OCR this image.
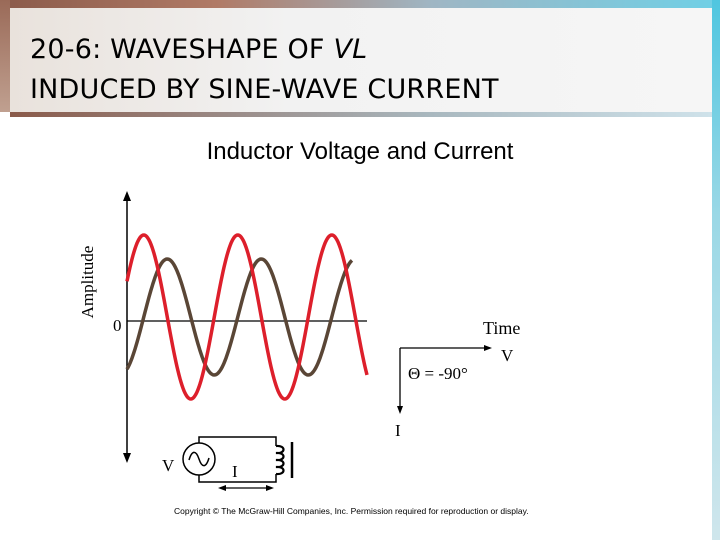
20-6: WAVESHAPE OF VL
INDUCED BY SINE-WAVE CURRENT
Inductor Voltage and Current
Amplitude
0	Time
Θ = -90°
V
I
V	I
Copyright © The McGraw-Hill Companies, Inc. Permission required for reproduction or display.
